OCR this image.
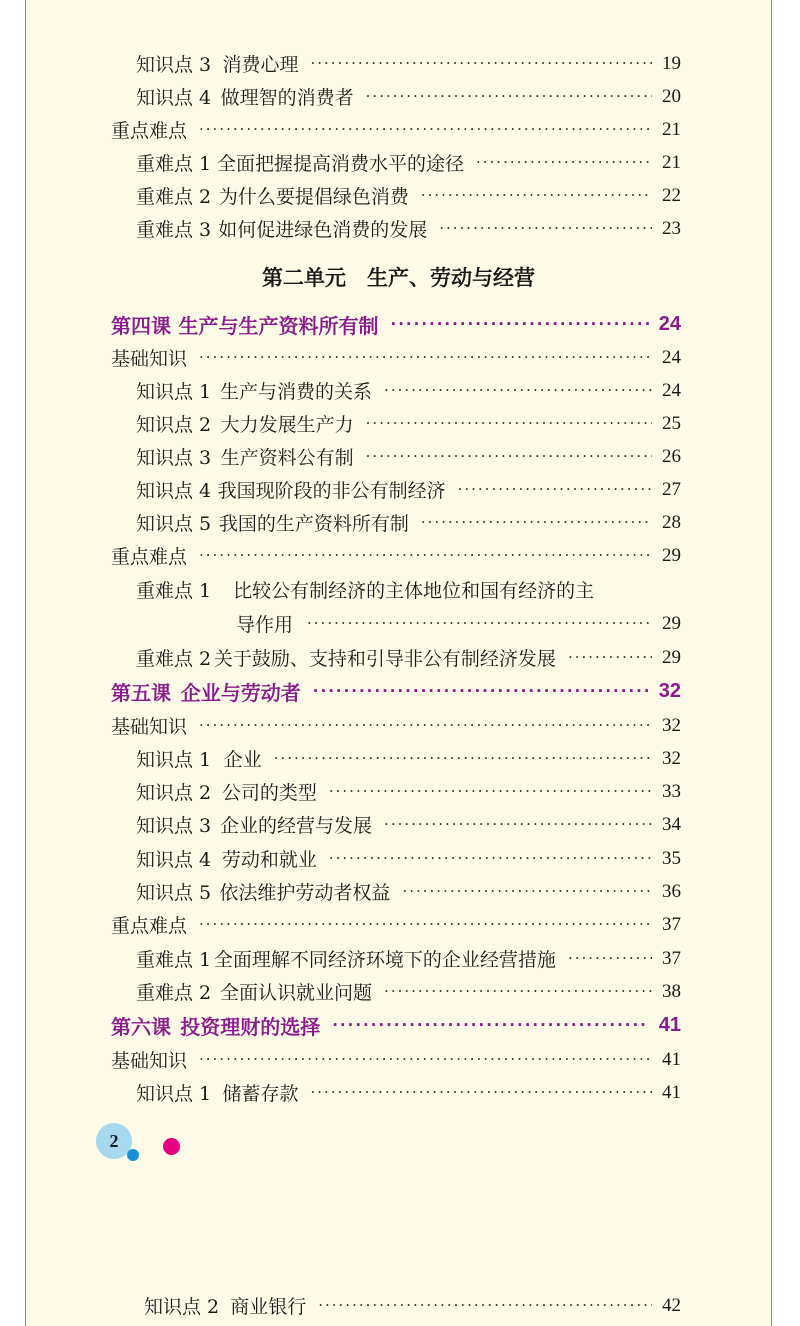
知识点 3 消费心理 ·····	19
知识点 4 做理智的消费者 ·····	20
重点难点 ·····	21
重难点 1 全面把握提高消费水平的途径 ·····	21
重难点 2 为什么要提倡绿色消费 ·····	22
重难点 3 如何促进绿色消费的发展 ·····	23
第二单元　生产、劳动与经营
第四课 生产与生产资料所有制 ·····	24
基础知识 ·····	24
知识点 1 生产与消费的关系 ·····	24
知识点 2 大力发展生产力 ·····	25
知识点 3 生产资料公有制 ·····	26
知识点 4 我国现阶段的非公有制经济 ·····	27
知识点 5 我国的生产资料所有制 ·····	28
重点难点 ·····	29
重难点 1 比较公有制经济的主体地位和国有经济的主
导作用 ·····	29
重难点 2 关于鼓励、支持和引导非公有制经济发展 ·····	29
第五课 企业与劳动者 ·····	32
基础知识 ·····	32
知识点 1 企业 ·····	32
知识点 2 公司的类型 ·····	33
知识点 3 企业的经营与发展 ·····	34
知识点 4 劳动和就业 ·····	35
知识点 5 依法维护劳动者权益 ·····	36
重点难点 ·····	37
重难点 1 全面理解不同经济环境下的企业经营措施 ·····	37
重难点 2 全面认识就业问题 ·····	38
第六课 投资理财的选择 ·····	41
基础知识 ·····	41
知识点 1 储蓄存款 ·····	41
2
知识点 2 商业银行 ·····	42
